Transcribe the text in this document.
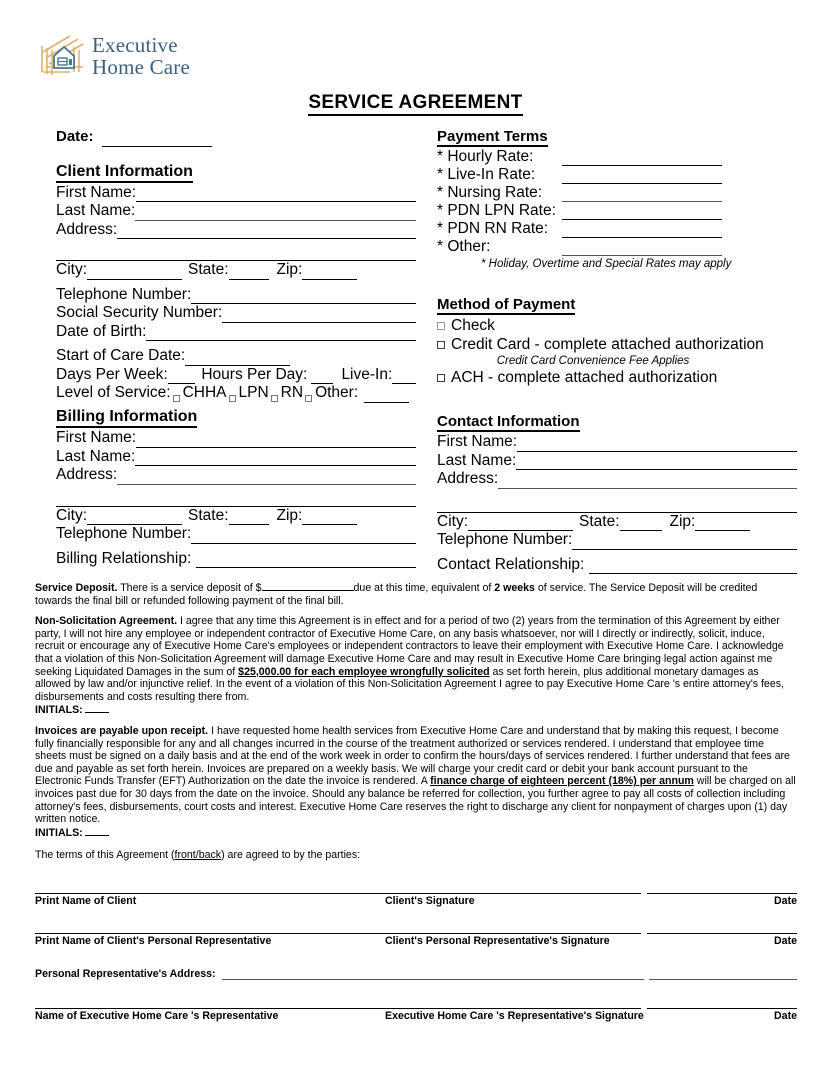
Executive
Home Care
SERVICE AGREEMENT
Date:
Client Information
First Name:
Last Name:
Address:
City:	State:	Zip:
Telephone Number:
Social Security Number:
Date of Birth:
Start of Care Date:
Days Per Week: Hours Per Day: Live-In:
Level of Service: CHHA LPN RN Other:
Billing Information
First Name:
Last Name:
Address:
City:	State:	Zip:
Telephone Number:
Billing Relationship:
Payment Terms
* Hourly Rate:
* Live-In Rate:
* Nursing Rate:
* PDN LPN Rate:
* PDN RN Rate:
* Other:
* Holiday, Overtime and Special Rates may apply
Method of Payment
Check
Credit Card - complete attached authorization
Credit Card Convenience Fee Applies
ACH - complete attached authorization
Contact Information
First Name:
Last Name:
Address:
City:	State:	Zip:
Telephone Number:
Contact Relationship:
Service Deposit. There is a service deposit of $	due at this time, equivalent of 2 weeks of service. The Service Deposit will be credited towards the final bill or refunded following payment of the final bill.
Non-Solicitation Agreement. I agree that any time this Agreement is in effect and for a period of two (2) years from the termination of this Agreement by either party, I will not hire any employee or independent contractor of Executive Home Care, on any basis whatsoever, nor will I directly or indirectly, solicit, induce, recruit or encourage any of Executive Home Care's employees or independent contractors to leave their employment with Executive Home Care. I acknowledge that a violation of this Non-Solicitation Agreement will damage Executive Home Care and may result in Executive Home Care bringing legal action against me seeking Liquidated Damages in the sum of $25,000.00 for each employee wrongfully solicited as set forth herein, plus additional monetary damages as allowed by law and/or injunctive relief. In the event of a violation of this Non-Solicitation Agreement I agree to pay Executive Home Care 's entire attorney's fees, disbursements and costs resulting there from.
INITIALS:
Invoices are payable upon receipt. I have requested home health services from Executive Home Care and understand that by making this request, I become fully financially responsible for any and all changes incurred in the course of the treatment authorized or services rendered. I understand that employee time sheets must be signed on a daily basis and at the end of the work week in order to confirm the hours/days of services rendered. I further understand that fees are due and payable as set forth herein. Invoices are prepared on a weekly basis. We will charge your credit card or debit your bank account pursuant to the Electronic Funds Transfer (EFT) Authorization on the date the invoice is rendered. A finance charge of eighteen percent (18%) per annum will be charged on all invoices past due for 30 days from the date on the invoice. Should any balance be referred for collection, you further agree to pay all costs of collection including attorney's fees, disbursements, court costs and interest. Executive Home Care reserves the right to discharge any client for nonpayment of charges upon (1) day written notice.
INITIALS:
The terms of this Agreement (front/back) are agreed to by the parties:
Print Name of Client	Client's Signature	Date
Print Name of Client's Personal Representative	Client's Personal Representative's Signature	Date
Personal Representative's Address :
Name of Executive Home Care 's Representative	Executive Home Care 's Representative's Signature	Date
